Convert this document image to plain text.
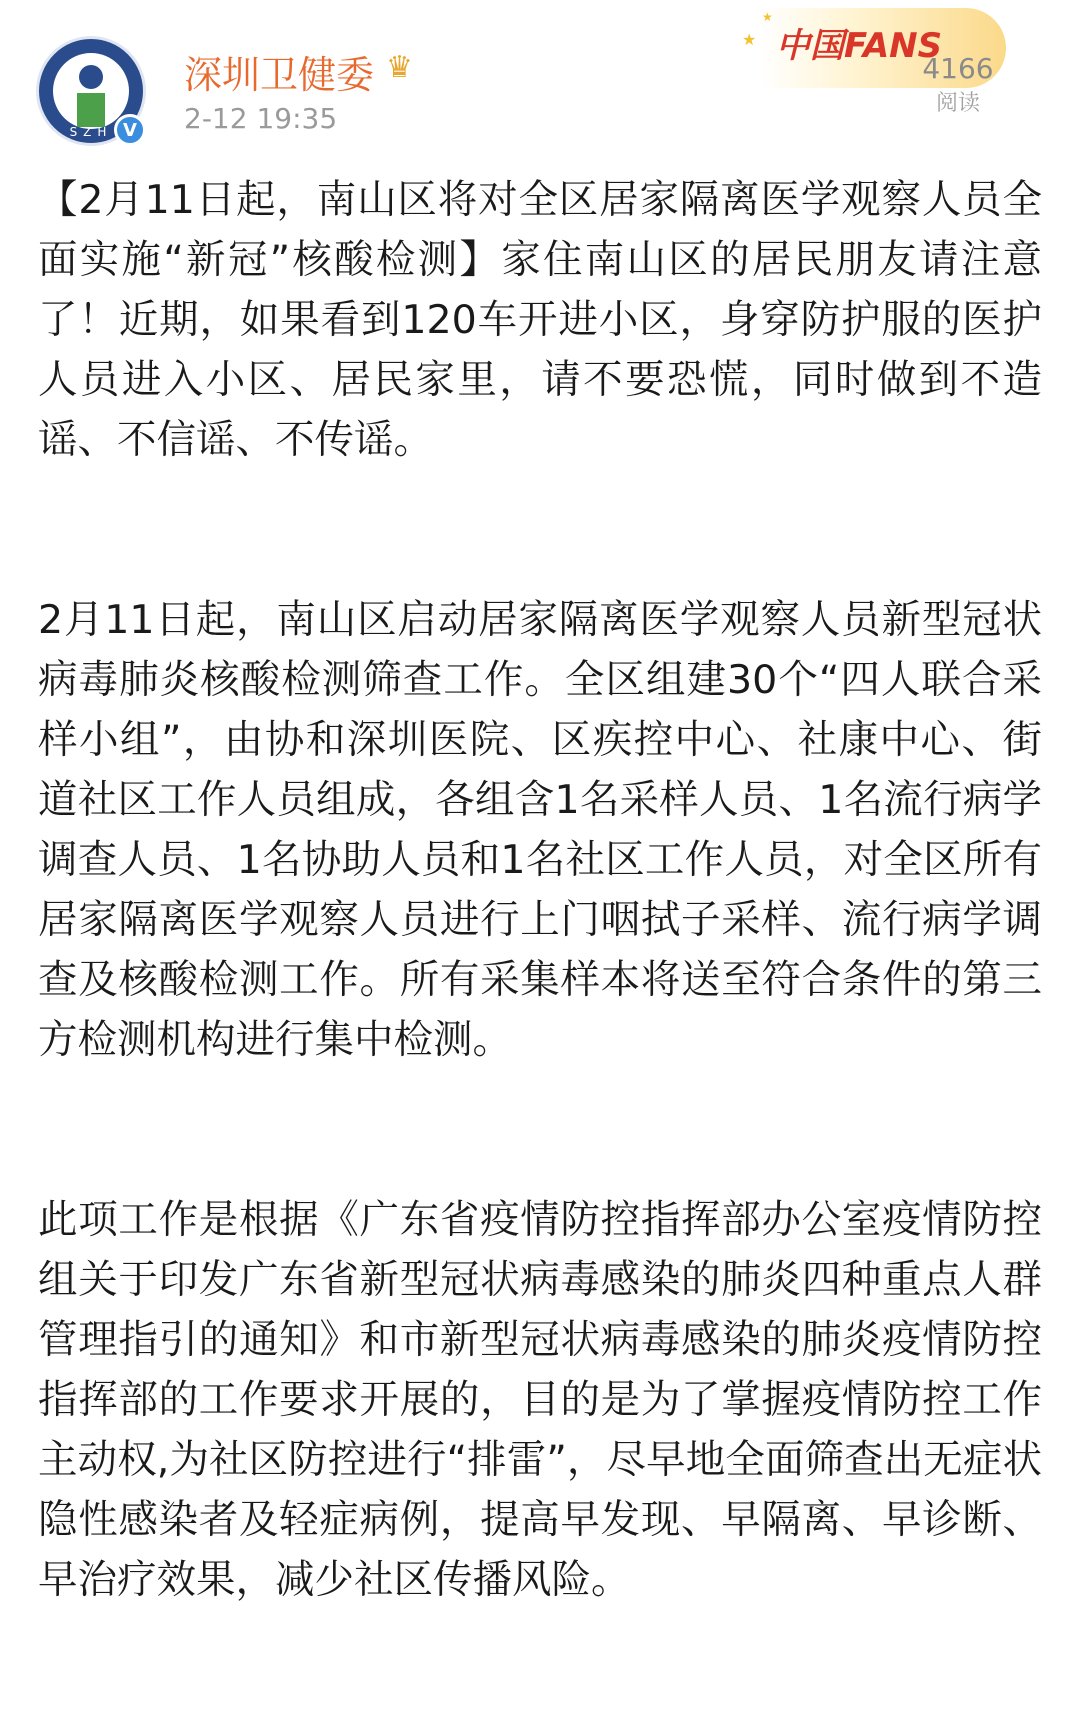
SZH V
深圳卫健委 ♛
2-12 19:35
中国FANS
★
★
4166
阅读

【2月11日起，南山区将对全区居家隔离医学观察人员全面实施“新冠”核酸检测】家住南山区的居民朋友请注意了！近期，如果看到120车开进小区，身穿防护服的医护人员进入小区、居民家里，请不要恐慌，同时做到不造谣、不信谣、不传谣。

2月11日起，南山区启动居家隔离医学观察人员新型冠状病毒肺炎核酸检测筛查工作。全区组建30个“四人联合采样小组”，由协和深圳医院、区疾控中心、社康中心、街道社区工作人员组成，各组含1名采样人员、1名流行病学调查人员、1名协助人员和1名社区工作人员，对全区所有居家隔离医学观察人员进行上门咽拭子采样、流行病学调查及核酸检测工作。所有采集样本将送至符合条件的第三方检测机构进行集中检测。

此项工作是根据《广东省疫情防控指挥部办公室疫情防控组关于印发广东省新型冠状病毒感染的肺炎四种重点人群管理指引的通知》和市新型冠状病毒感染的肺炎疫情防控指挥部的工作要求开展的，目的是为了掌握疫情防控工作主动权,为社区防控进行“排雷”，尽早地全面筛查出无症状隐性感染者及轻症病例，提高早发现、早隔离、早诊断、早治疗效果，减少社区传播风险。
